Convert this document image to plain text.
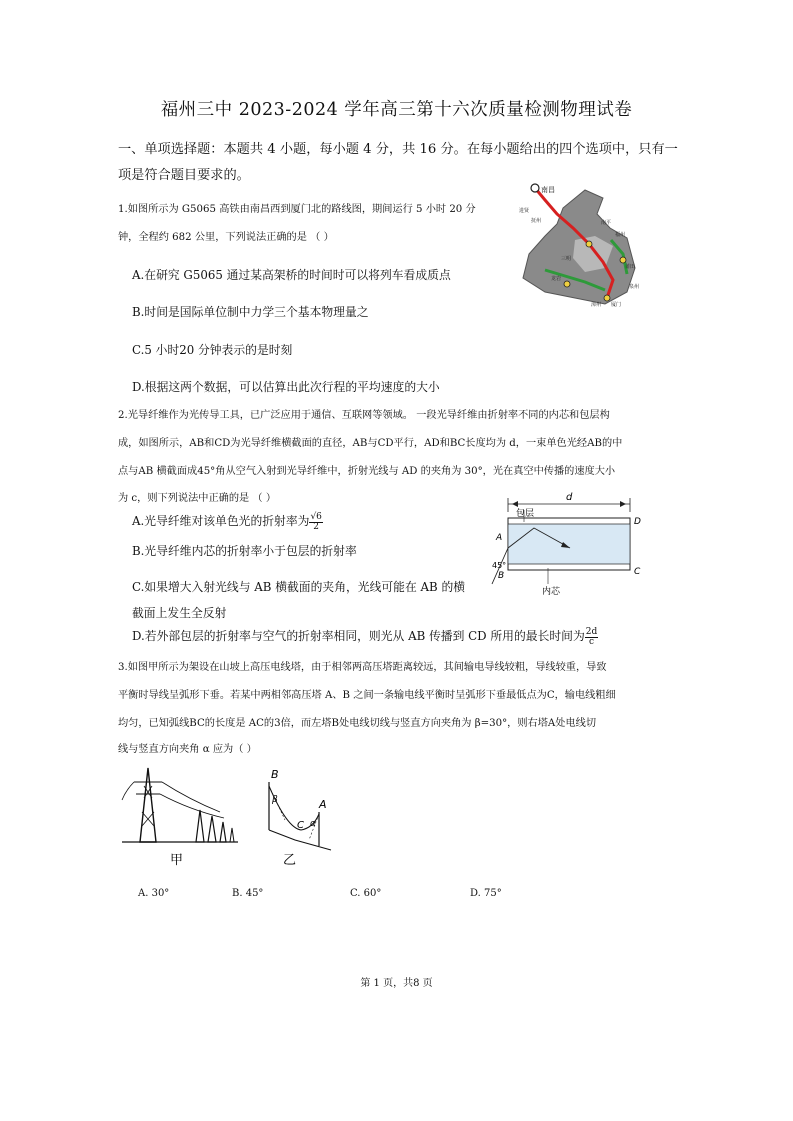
福州三中 2023-2024 学年高三第十六次质量检测物理试卷
一、单项选择题：本题共 4 小题，每小题 4 分，共 16 分。在每小题给出的四个选项中，只有一项是符合题目要求的。
1.如图所示为 G5065 高铁由南昌西到厦门北的路线图，期间运行 5 小时 20 分
钟，全程约 682 公里，下列说法正确的是 （ ）
A.在研究 G5065 通过某高架桥的时间时可以将列车看成质点
B.时间是国际单位制中力学三个基本物理量之
C.5 小时20 分钟表示的是时刻
D.根据这两个数据，可以估算出此次行程的平均速度的大小
南昌
进贤
抚州
福州
三明
龙岩
厦门
漳州
泉州
莆田
南平
2.光导纤维作为光传导工具，已广泛应用于通信、互联网等领域。 一段光导纤维由折射率不同的内芯和包层构
成，如图所示，AB和CD为光导纤维横截面的直径，AB与CD平行，AD和BC长度均为 d，一束单色光经AB的中
点与AB 横截面成45°角从空气入射到光导纤维中，折射光线与 AD 的夹角为 30°，光在真空中传播的速度大小
为 c，则下列说法中正确的是 （ ）
A.光导纤维对该单色光的折射率为 $\frac{√6}{2}$
B.光导纤维内芯的折射率小于包层的折射率
C.如果增大入射光线与 AB 横截面的夹角，光线可能在 AB 的横
截面上发生全反射
D.若外部包层的折射率与空气的折射率相同，则光从 AB 传播到 CD 所用的最长时间为 $\frac{2d}{c}$
d
包层
内芯
A
B
D
C
45°
3.如图甲所示为架设在山坡上高压电线塔，由于相邻两高压塔距离较远，其间输电导线较粗，导线较重，导致
平衡时导线呈弧形下垂。若某中两相邻高压塔 A、B 之间一条输电线平衡时呈弧形下垂最低点为C，输电线粗细
均匀，已知弧线BC的长度是 AC的3倍，而左塔B处电线切线与竖直方向夹角为 β=30°，则右塔A处电线切
线与竖直方向夹角 α 应为（ ）
甲
B
A
C
β
α
乙
A. 30°	B. 45°	C. 60°	D. 75°
第 1 页，共8 页
